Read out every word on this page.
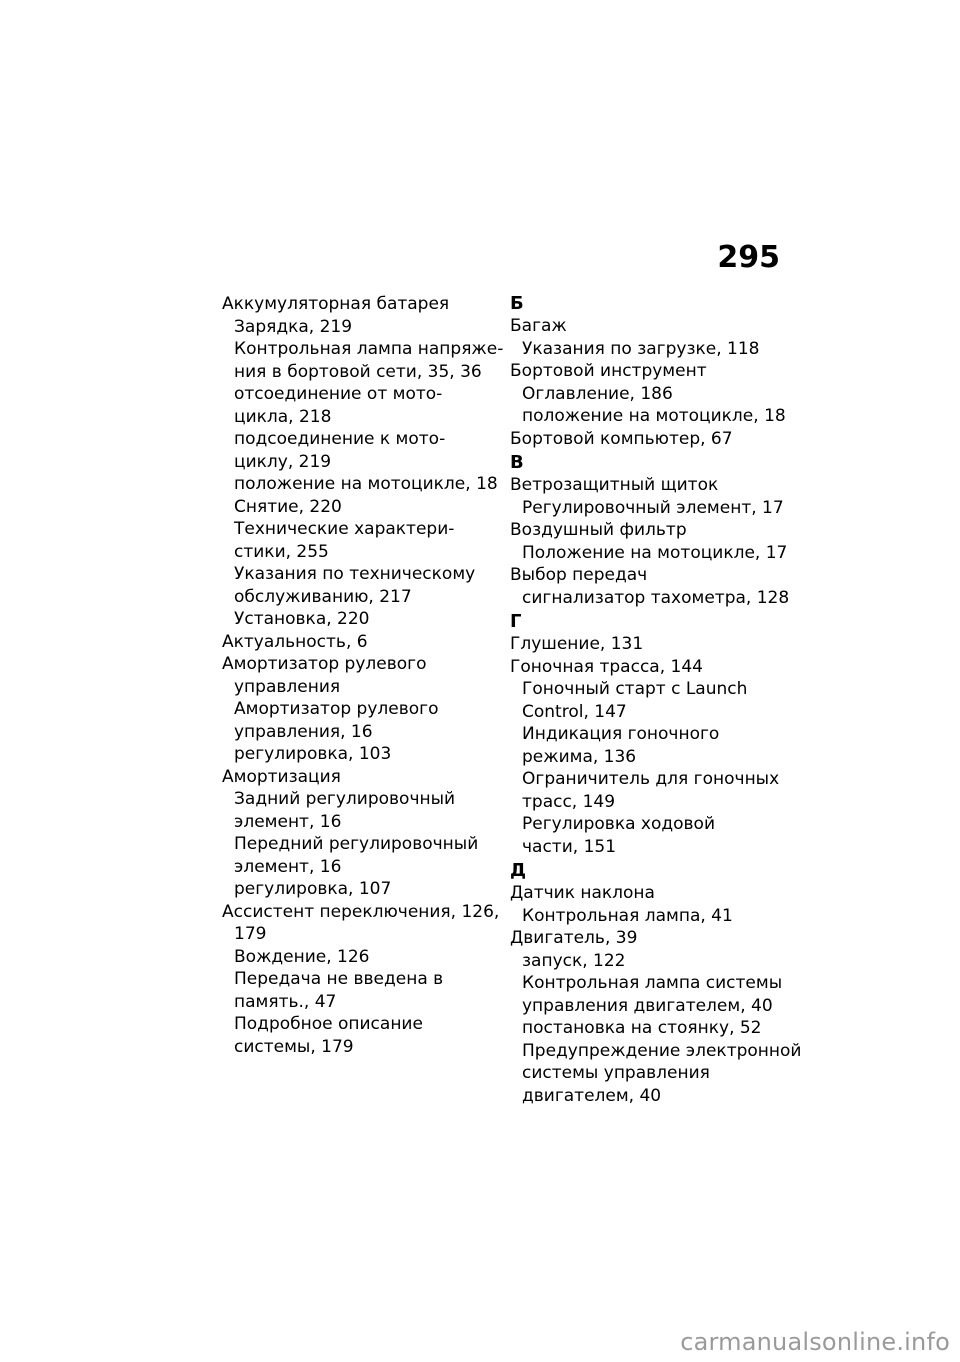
295
Аккумуляторная батарея
Зарядка, 219
Контрольная лампа напряже-
ния в бортовой сети, 35, 36
отсоединение от мото-
цикла, 218
подсоединение к мото-
циклу, 219
положение на мотоцикле, 18
Снятие, 220
Технические характери-
стики, 255
Указания по техническому
обслуживанию, 217
Установка, 220
Актуальность, 6
Амортизатор рулевого
управления
Амортизатор рулевого
управления, 16
регулировка, 103
Амортизация
Задний регулировочный
элемент, 16
Передний регулировочный
элемент, 16
регулировка, 107
Ассистент переключения, 126,
179
Вождение, 126
Передача не введена в
память., 47
Подробное описание
системы, 179
Б
Багаж
Указания по загрузке, 118
Бортовой инструмент
Оглавление, 186
положение на мотоцикле, 18
Бортовой компьютер, 67
В
Ветрозащитный щиток
Регулировочный элемент, 17
Воздушный фильтр
Положение на мотоцикле, 17
Выбор передач
сигнализатор тахометра, 128
Г
Глушение, 131
Гоночная трасса, 144
Гоночный старт с Launch
Control, 147
Индикация гоночного
режима, 136
Ограничитель для гоночных
трасс, 149
Регулировка ходовой
части, 151
Д
Датчик наклона
Контрольная лампа, 41
Двигатель, 39
запуск, 122
Контрольная лампа системы
управления двигателем, 40
постановка на стоянку, 52
Предупреждение электронной
системы управления
двигателем, 40
carmanualsonline.info
